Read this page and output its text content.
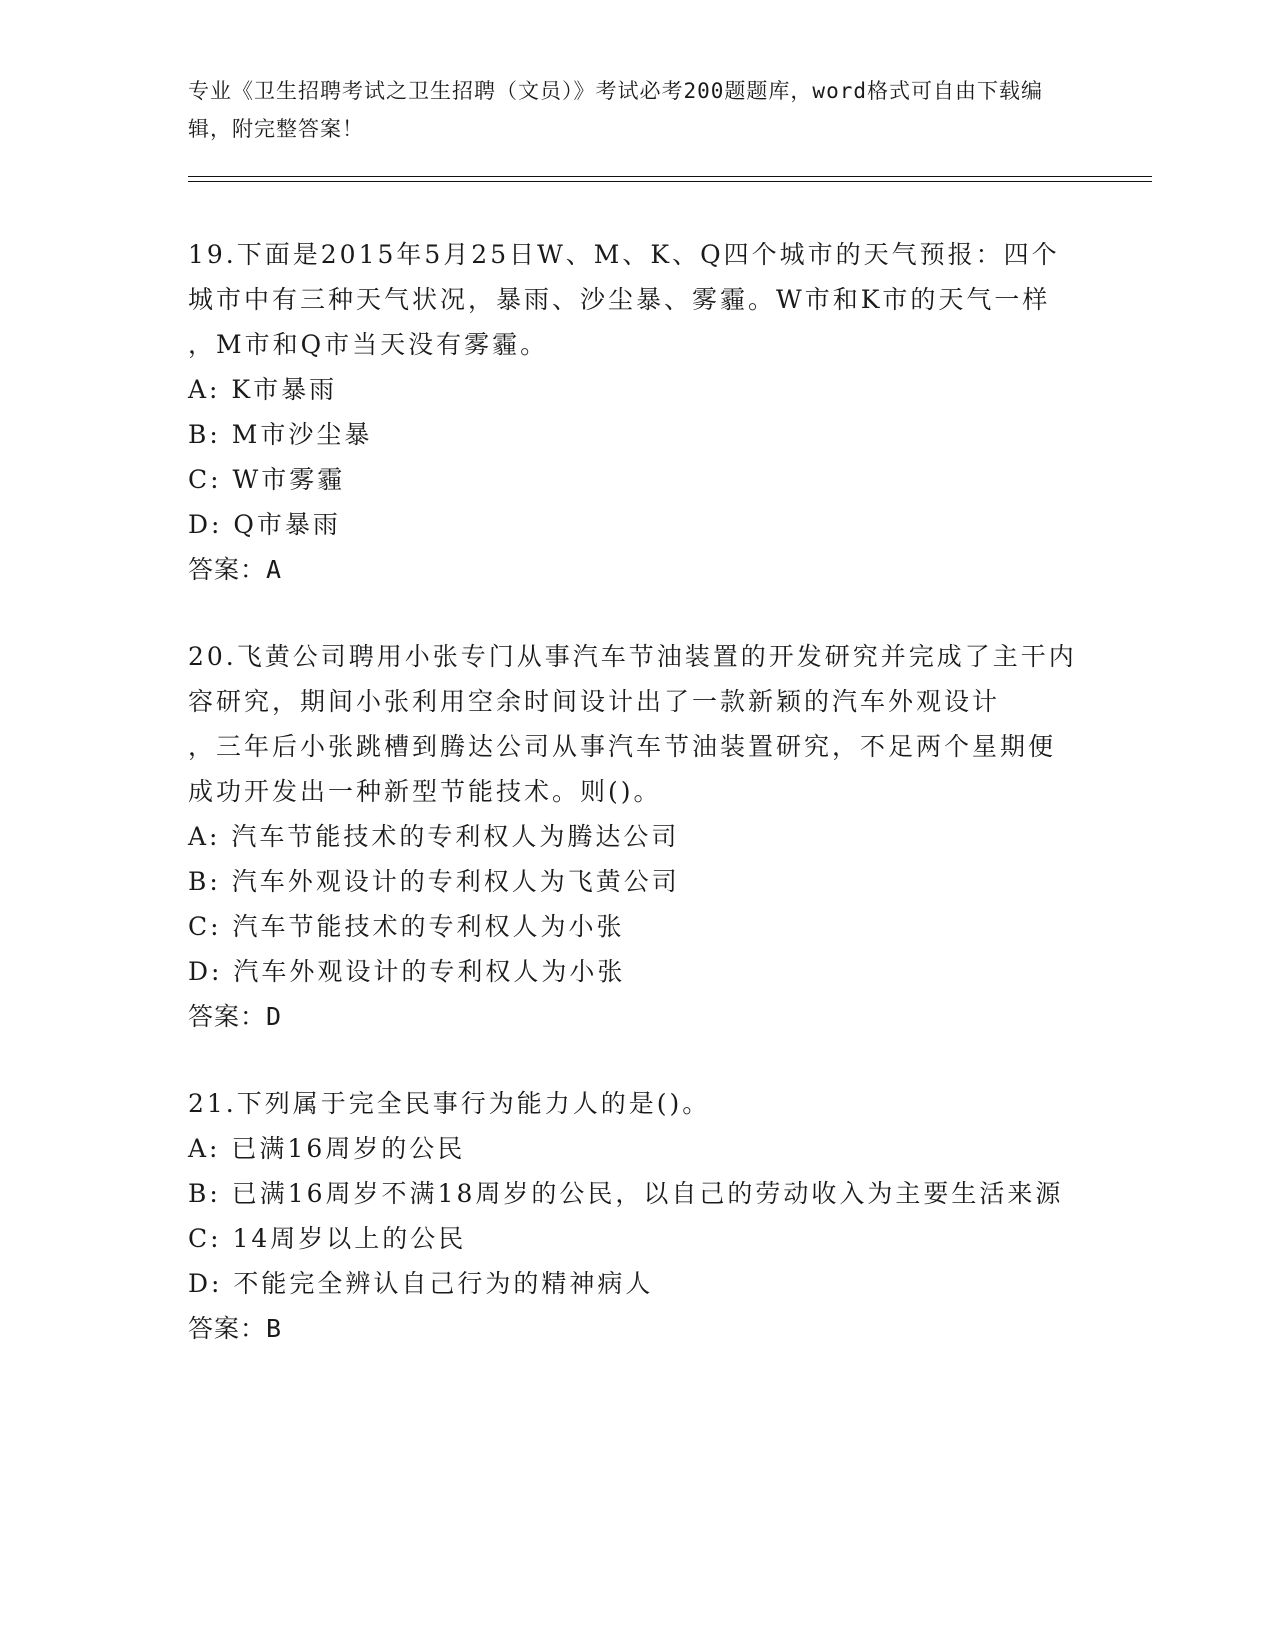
专业《卫生招聘考试之卫生招聘（文员）》考试必考200题题库，word格式可自由下载编辑，附完整答案！
19.下面是2015年5月25日W、M、K、Q四个城市的天气预报：四个城市中有三种天气状况，暴雨、沙尘暴、雾霾。W市和K市的天气一样
，M市和Q市当天没有雾霾。
A: K市暴雨
B: M市沙尘暴
C: W市雾霾
D: Q市暴雨
答案：A
20.飞黄公司聘用小张专门从事汽车节油装置的开发研究并完成了主干内容研究，期间小张利用空余时间设计出了一款新颖的汽车外观设计
，三年后小张跳槽到腾达公司从事汽车节油装置研究，不足两个星期便成功开发出一种新型节能技术。则()。
A: 汽车节能技术的专利权人为腾达公司
B: 汽车外观设计的专利权人为飞黄公司
C: 汽车节能技术的专利权人为小张
D: 汽车外观设计的专利权人为小张
答案：D
21.下列属于完全民事行为能力人的是()。
A: 已满16周岁的公民
B: 已满16周岁不满18周岁的公民，以自己的劳动收入为主要生活来源
C: 14周岁以上的公民
D: 不能完全辨认自己行为的精神病人
答案：B
